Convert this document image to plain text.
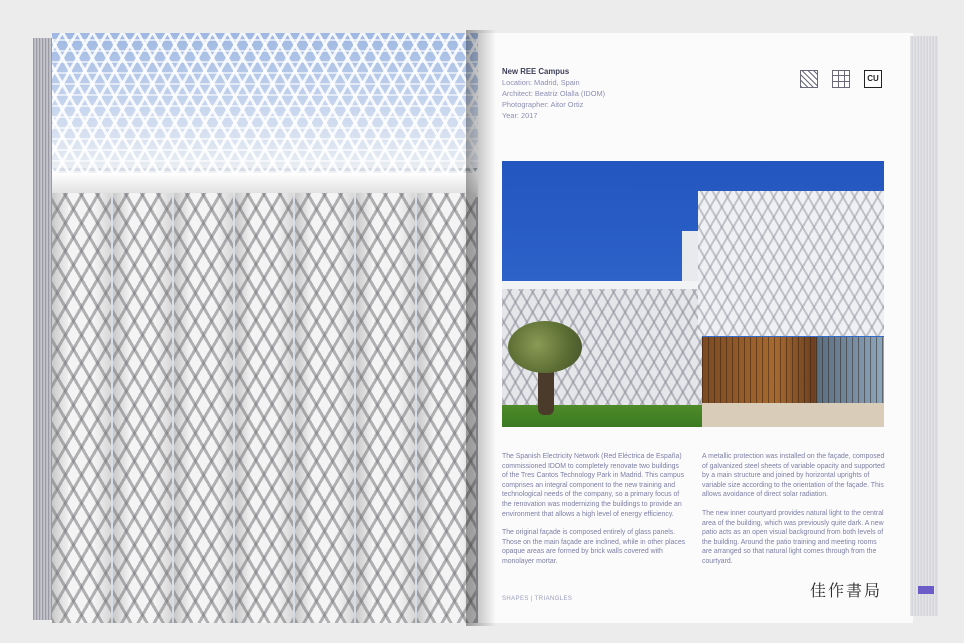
New REE Campus
Location: Madrid, Spain
Architect: Beatriz Olalla (IDOM)
Photographer: Aitor Ortiz
Year: 2017
CU

The Spanish Electricity Network (Red Eléctrica de España) commissioned IDOM to completely renovate two buildings of the Tres Cantos Technology Park in Madrid. This campus comprises an integral component to the new training and technological needs of the company, so a primary focus of the renovation was modernizing the buildings to provide an environment that allows a high level of energy efficiency.

The original façade is composed entirely of glass panels. Those on the main façade are inclined, while in other places opaque areas are formed by brick walls covered with monolayer mortar.

A metallic protection was installed on the façade, composed of galvanized steel sheets of variable opacity and supported by a main structure and joined by horizontal uprights of variable size according to the orientation of the façade. This allows avoidance of direct solar radiation.

The new inner courtyard provides natural light to the central area of the building, which was previously quite dark. A new patio acts as an open visual background from both levels of the building. Around the patio training and meeting rooms are arranged so that natural light comes through from the courtyard.

SHAPES | TRIANGLES	佳作書局
